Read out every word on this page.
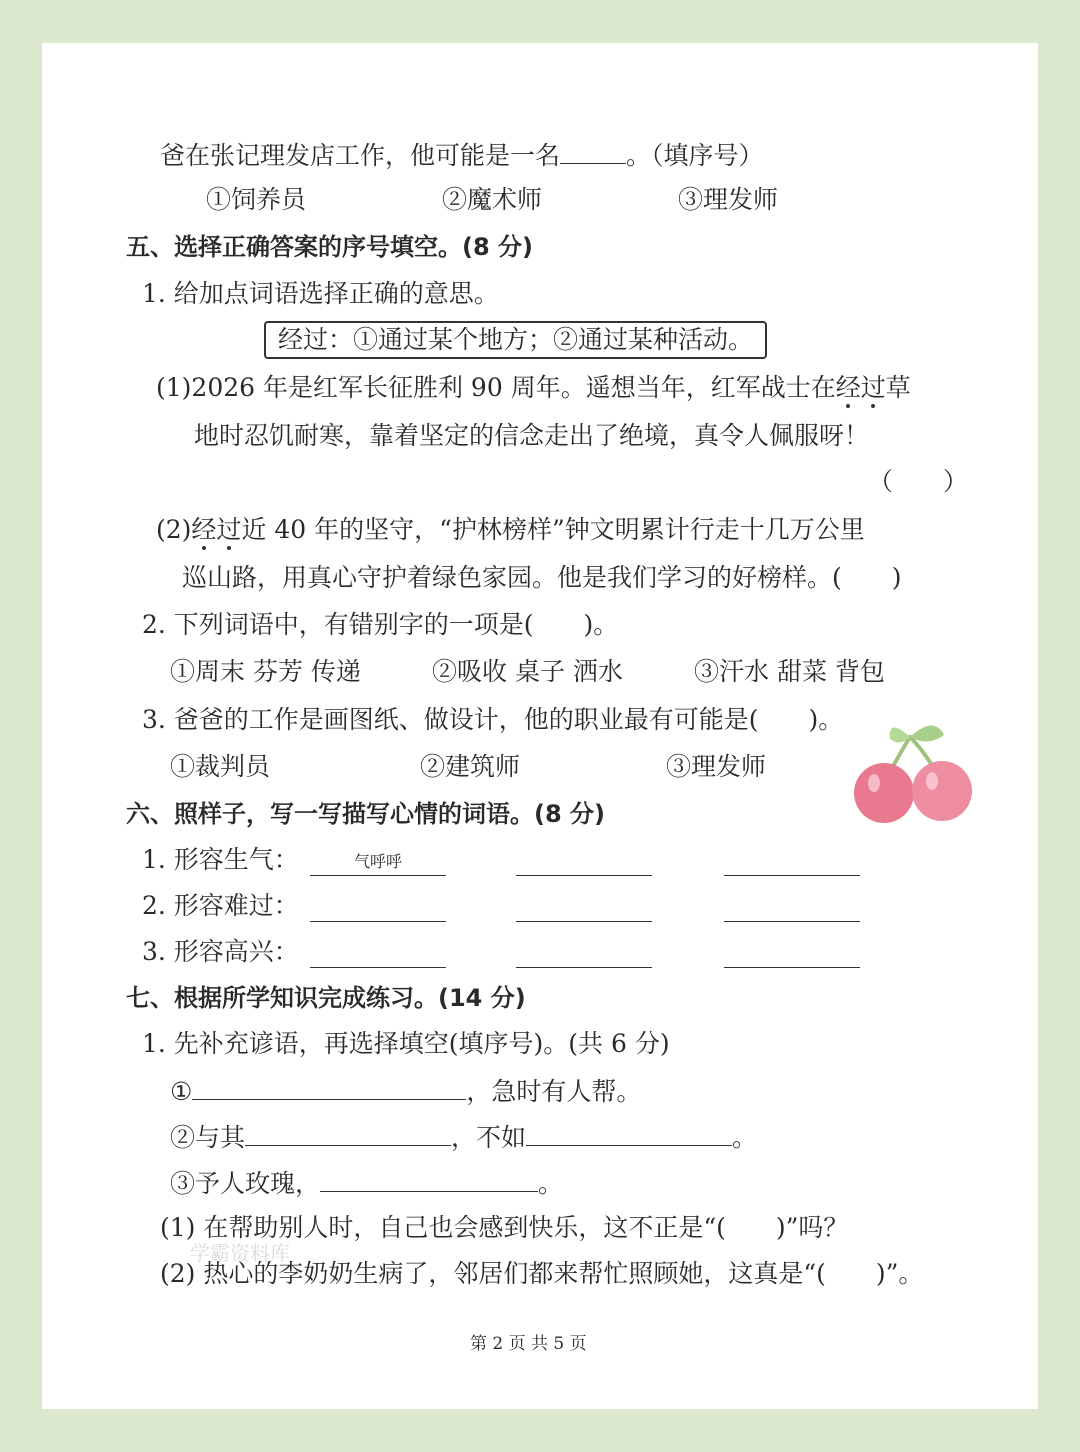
爸在张记理发店工作，他可能是一名	。（填序号）
①饲养员	②魔术师	③理发师
五、选择正确答案的序号填空。(8 分)
1. 给加点词语选择正确的意思。
经过：①通过某个地方；②通过某种活动。
(1)2026 年是红军长征胜利 90 周年。遥想当年，红军战士在经过草
地时忍饥耐寒，靠着坚定的信念走出了绝境，真令人佩服呀！
（　　）
(2)经过近 40 年的坚守，“护林榜样”钟文明累计行走十几万公里
巡山路，用真心守护着绿色家园。他是我们学习的好榜样。(　　)
2. 下列词语中，有错别字的一项是(　　)。
①周末 芬芳 传递	②吸收 桌子 洒水	③汗水 甜菜 背包
3. 爸爸的工作是画图纸、做设计，他的职业最有可能是(　　)。
①裁判员	②建筑师	③理发师
六、照样子，写一写描写心情的词语。(8 分)
1. 形容生气：	气呼呼
2. 形容难过：
3. 形容高兴：
七、根据所学知识完成练习。(14 分)
1. 先补充谚语，再选择填空(填序号)。(共 6 分)
①	，急时有人帮。
②与其	，不如	。
③予人玫瑰，	。
(1) 在帮助别人时，自己也会感到快乐，这不正是“(　　)”吗？
(2) 热心的李奶奶生病了，邻居们都来帮忙照顾她，这真是“(　　)”。
学霸资料库
第 2 页 共 5 页
